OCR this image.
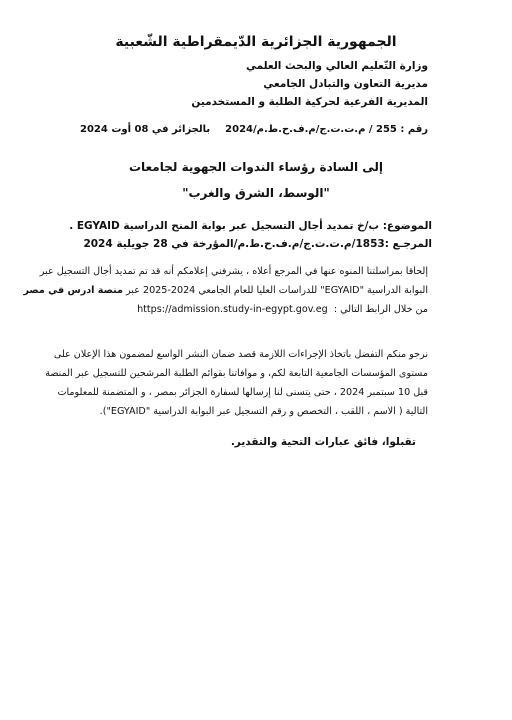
الجمهورية الجزائرية الدّيمقراطية الشّعبية
وزارة التّعليم العالي والبحث العلمي
مديرية التعاون والتبادل الجامعي
المديرية الفرعية لحركية الطلبة و المستخدمين
رقم : 255 / م.ت.ت.ج/م.ف.ح.ط.م/2024
بالجزائر في 08 أوت 2024
إلى السادة رؤساء الندوات الجهوية لجامعات
"الوسط، الشرق والغرب"
الموضوع: ب/خ تمديد أجال التسجيل عبر بوابة المنح الدراسية EGYAID .
المرجـع :1853/م.ت.ت.ج/م.ف.ح.ط.م/المؤرخة في 28 جويلية 2024
إلحاقا بمراسلتنا المنوه عنها في المرجع أعلاه ، يشرفني إعلامكم أنه قد تم تمديد أجال التسجيل عبر
البوابة الدراسية "EGYAID" للدراسات العليا للعام الجامعي 2024-2025 عبر منصة ادرس في مصر
من خلال الرابط التالي :  https://admission.study-in-egypt.gov.eg
نرجو منكم التفضل باتخاذ الإجراءات اللازمة قصد ضمان النشر الواسع لمضمون هذا الإعلان على
مستوى المؤسسات الجامعية التابعة لكم، و موافاتنا بقوائم الطلبة المرشحين للتسجيل عبر المنصة
قبل 10 سبتمبر 2024 ، حتى يتسنى لنا إرسالها لسفارة الجزائر بمصر ، و المتضمنة للمعلومات
التالية ( الاسم ، اللقب ، التخصص و رقم التسجيل عبر البوابة الدراسية "EGYAID").
تقبلوا، فائق عبارات التحية والتقدير.
